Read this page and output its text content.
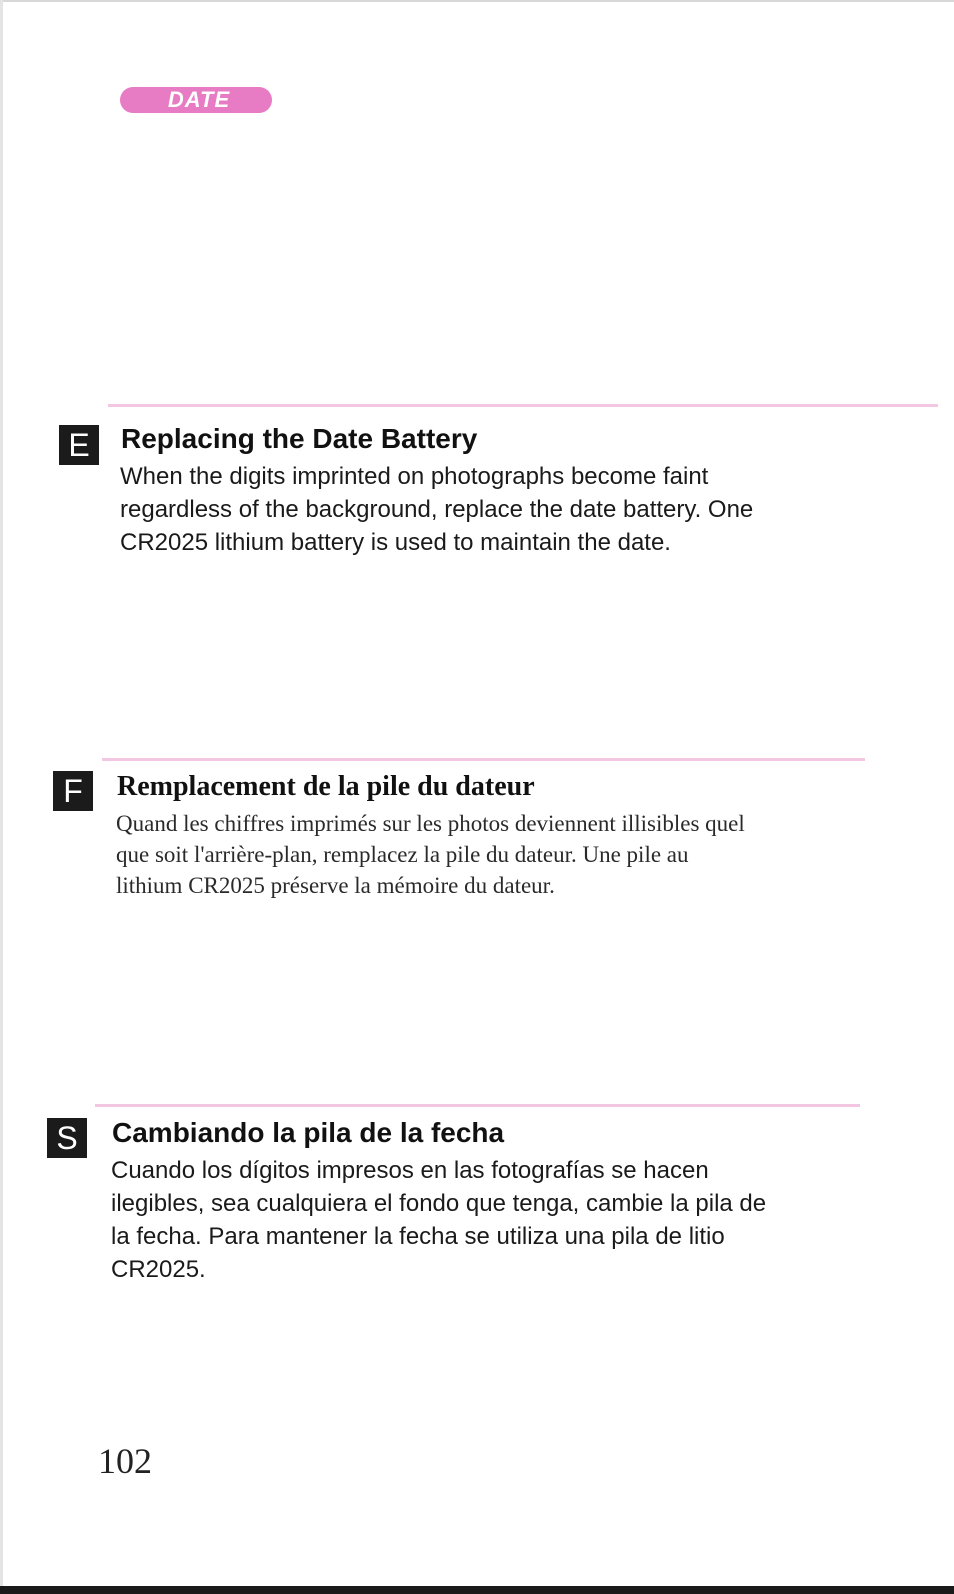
DATE
E	Replacing the Date Battery
When the digits imprinted on photographs become faint
regardless of the background, replace the date battery. One
CR2025 lithium battery is used to maintain the date.
F	Remplacement de la pile du dateur
Quand les chiffres imprimés sur les photos deviennent illisibles quel
que soit l'arrière-plan, remplacez la pile du dateur. Une pile au
lithium CR2025 préserve la mémoire du dateur.
S	Cambiando la pila de la fecha
Cuando los dígitos impresos en las fotografías se hacen
ilegibles, sea cualquiera el fondo que tenga, cambie la pila de
la fecha. Para mantener la fecha se utiliza una pila de litio
CR2025.
102
